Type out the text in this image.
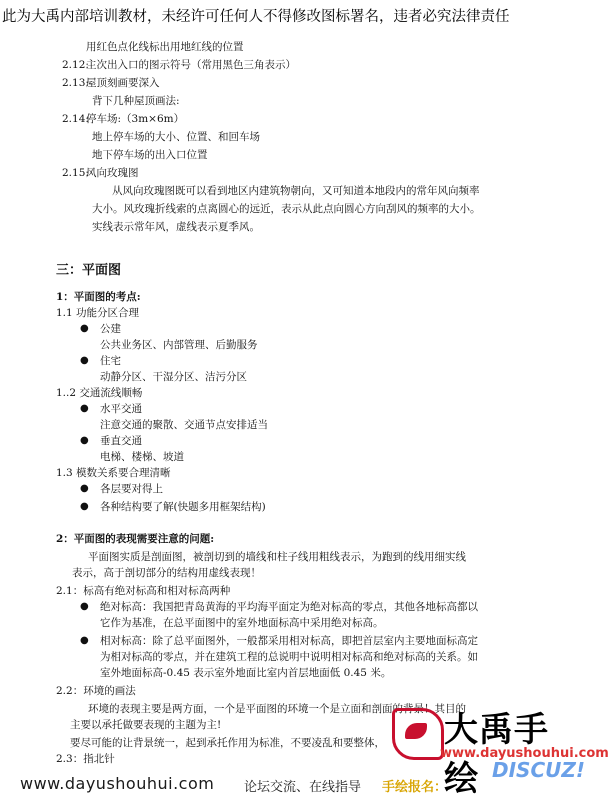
此为大禹内部培训教材，未经许可任何人不得修改图标署名，违者必究法律责任
用红色点化线标出用地红线的位置
2.12:
主次出入口的图示符号（常用黑色三角表示）
2.13:
屋顶刻画要深入
背下几种屋顶画法:
2.14:
停车场:（3m×6m）
地上停车场的大小、位置、和回车场
地下停车场的出入口位置
2.15:
风向玫瑰图
从风向玫瑰图既可以看到地区内建筑物朝向，又可知道本地段内的常年风向频率
大小。风玫瑰折线索的点离圆心的远近，表示从此点向圆心方向刮风的频率的大小。
实线表示常年风，虚线表示夏季风。
三：平面图
1：平面图的考点:
1.1 功能分区合理
● 公建
公共业务区、内部管理、后勤服务
● 住宅
动静分区、干湿分区、洁污分区
1..2 交通流线顺畅
● 水平交通
注意交通的聚散、交通节点安排适当
● 垂直交通
电梯、楼梯、坡道
1.3 模数关系要合理清晰
● 各层要对得上
● 各种结构要了解(快题多用框架结构)
2：平面图的表现需要注意的问题:
平面图实质是剖面图，被剖切到的墙线和柱子线用粗线表示，为跑到的线用细实线
表示，高于剖切部分的结构用虚线表现！
2.1：标高有绝对标高和相对标高两种
● 绝对标高：我国把青岛黄海的平均海平面定为绝对标高的零点，其他各地标高都以
它作为基准，在总平面图中的室外地面标高中采用绝对标高。
● 相对标高：除了总平面图外，一般都采用相对标高，即把首层室内主要地面标高定
为相对标高的零点，并在建筑工程的总说明中说明相对标高和绝对标高的关系。如
室外地面标高-0.45 表示室外地面比室内首层地面低 0.45 米。
2.2：环境的画法
环境的表现主要是两方面，一个是平面图的环境一个是立面和剖面的背景！其目的
主要以承托做要表现的主题为主!
要尽可能的让背景统一，起到承托作用为标准，不要凌乱和要整体，
2.3：指北针
大禹手绘
www.dayushouhui.com
DISCUZ!
www.dayushouhui.com 论坛交流、在线指导 手绘报名：
